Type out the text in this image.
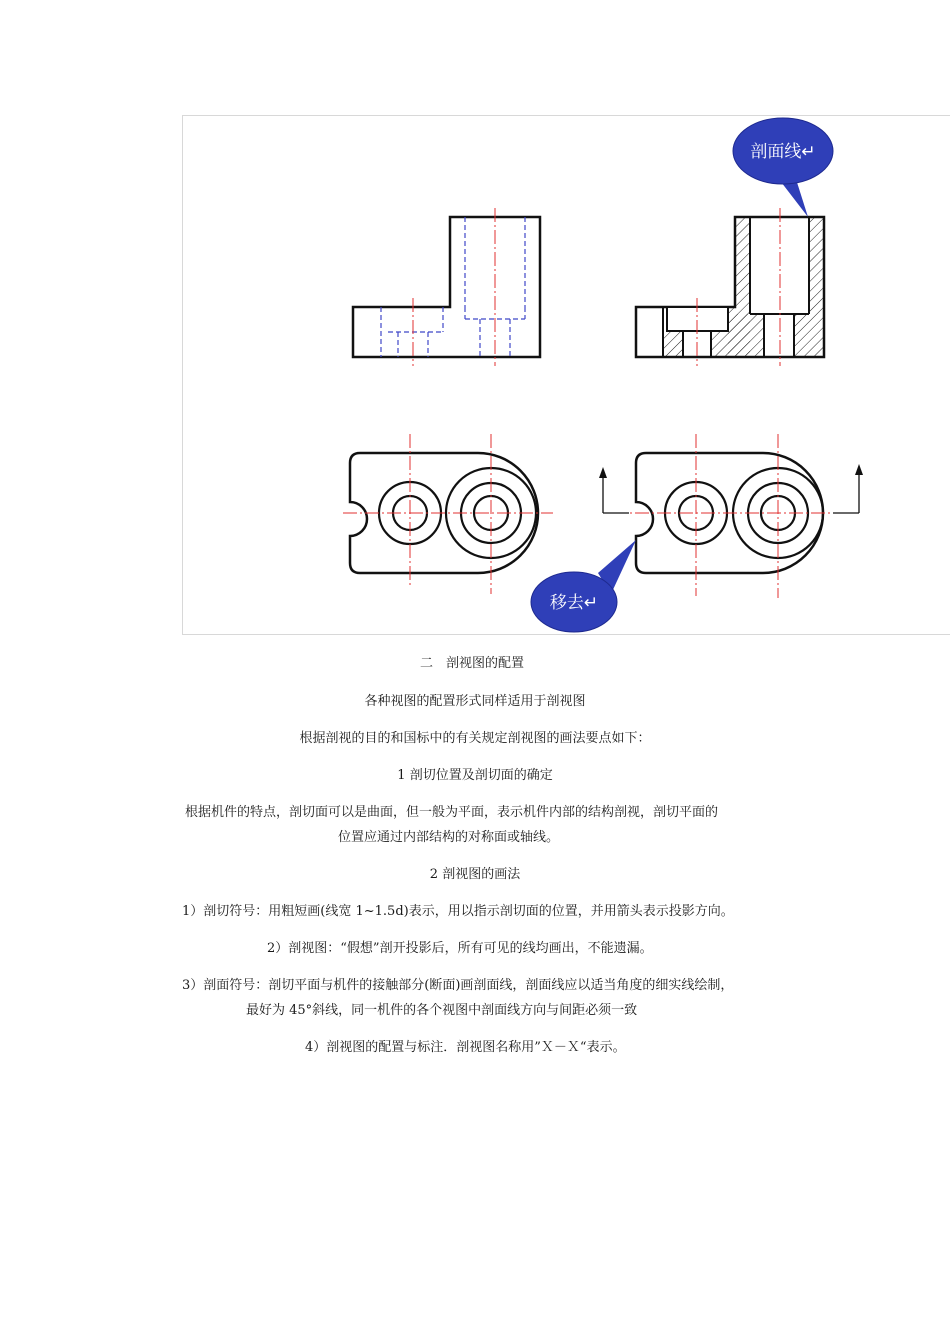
剖面线↵
移去↵
二　剖视图的配置
各种视图的配置形式同样适用于剖视图
根据剖视的目的和国标中的有关规定剖视图的画法要点如下：
1 剖切位置及剖切面的确定
根据机件的特点，剖切面可以是曲面，但一般为平面，表示机件内部的结构剖视，剖切平面的
位置应通过内部结构的对称面或轴线。
2 剖视图的画法
1）剖切符号：用粗短画(线宽 1~1.5d)表示，用以指示剖切面的位置，并用箭头表示投影方向。
2）剖视图：“假想”剖开投影后，所有可见的线均画出，不能遗漏。
3）剖面符号：剖切平面与机件的接触部分(断面)画剖面线，剖面线应以适当角度的细实线绘制，
最好为 45°斜线，同一机件的各个视图中剖面线方向与间距必须一致
4）剖视图的配置与标注．剖视图名称用”Ｘ－Ｘ“表示。
